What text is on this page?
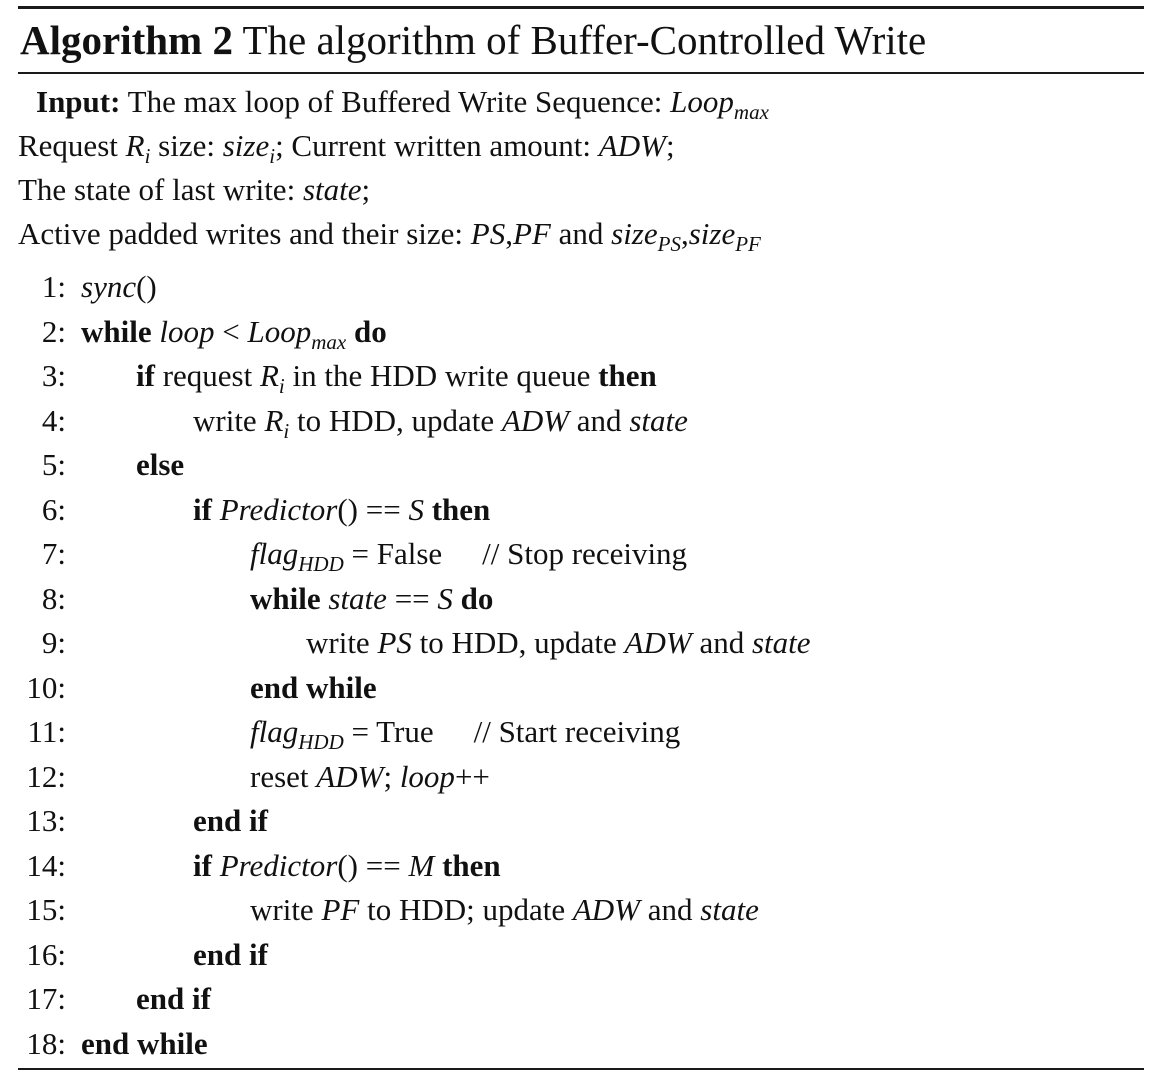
Algorithm 2 The algorithm of Buffer-Controlled Write
Input: The max loop of Buffered Write Sequence: Loop$_{max}$
Request $R_i$ size: size$_i$; Current written amount: ADW;
The state of last write: state;
Active padded writes and their size: PS,PF and size$_{PS}$,size$_{PF}$
1: sync()
2: while loop < Loop$_{max}$ do
3: if request $R_i$ in the HDD write queue then
4:	write $R_i$ to HDD, update ADW and state
5: else
6:	if Predictor() == S then
7:	flag$_{HDD}$ = False // Stop receiving
8:	while state == S do
9:	write PS to HDD, update ADW and state
10:	end while
11:	flag$_{HDD}$ = True // Start receiving
12:	reset ADW; loop++
13:	end if
14:	if Predictor() == M then
15:	write PF to HDD; update ADW and state
16:	end if
17: end if
18: end while
